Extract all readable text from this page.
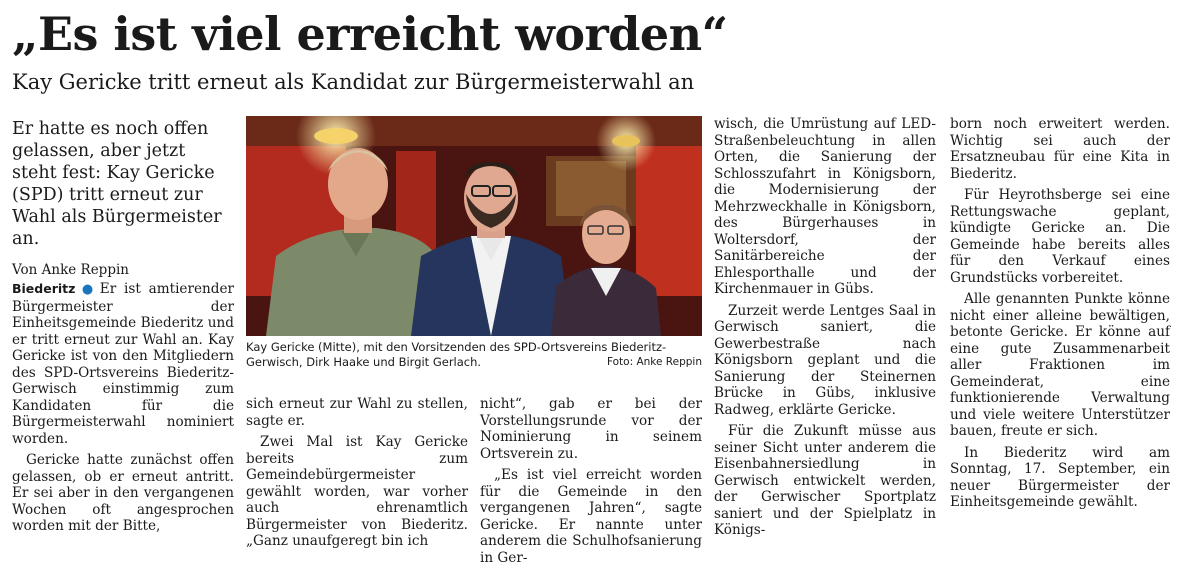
„Es ist viel erreicht worden“
Kay Gericke tritt erneut als Kandidat zur Bürgermeisterwahl an

Er hatte es noch offen gelassen, aber jetzt steht fest: Kay Gericke (SPD) tritt erneut zur Wahl als Bürgermeister an.

Von Anke Reppin

Biederitz ● Er ist amtierender Bürgermeister der Einheitsgemeinde Biederitz und er tritt erneut zur Wahl an. Kay Gericke ist von den Mitgliedern des SPD-Ortsvereins Biederitz-Gerwisch einstimmig zum Kandidaten für die Bürgermeisterwahl nominiert worden.

Gericke hatte zunächst offen gelassen, ob er erneut antritt. Er sei aber in den vergangenen Wochen oft angesprochen worden mit der Bitte,

Kay Gericke (Mitte), mit den Vorsitzenden des SPD-Ortsvereins Biederitz-Gerwisch, Dirk Haake und Birgit Gerlach.	Foto: Anke Reppin

sich erneut zur Wahl zu stellen, sagte er.

Zwei Mal ist Kay Gericke bereits zum Gemeindebürgermeister gewählt worden, war vorher auch ehrenamtlich Bürgermeister von Biederitz. „Ganz unaufgeregt bin ich

nicht“, gab er bei der Vorstellungsrunde vor der Nominierung in seinem Ortsverein zu.

„Es ist viel erreicht worden für die Gemeinde in den vergangenen Jahren“, sagte Gericke. Er nannte unter anderem die Schulhofsanierung in Ger-

wisch, die Umrüstung auf LED-Straßenbeleuchtung in allen Orten, die Sanierung der Schlosszufahrt in Königsborn, die Modernisierung der Mehrzweckhalle in Königsborn, des Bürgerhauses in Woltersdorf, der Sanitärbereiche der Ehlesporthalle und der Kirchenmauer in Gübs.

Zurzeit werde Lentges Saal in Gerwisch saniert, die Gewerbestraße nach Königsborn geplant und die Sanierung der Steinernen Brücke in Gübs, inklusive Radweg, erklärte Gericke.

Für die Zukunft müsse aus seiner Sicht unter anderem die Eisenbahnersiedlung in Gerwisch entwickelt werden, der Gerwischer Sportplatz saniert und der Spielplatz in Königs-

born noch erweitert werden. Wichtig sei auch der Ersatzneubau für eine Kita in Biederitz.

Für Heyrothsberge sei eine Rettungswache geplant, kündigte Gericke an. Die Gemeinde habe bereits alles für den Verkauf eines Grundstücks vorbereitet.

Alle genannten Punkte könne nicht einer alleine bewältigen, betonte Gericke. Er könne auf eine gute Zusammenarbeit aller Fraktionen im Gemeinderat, eine funktionierende Verwaltung und viele weitere Unterstützer bauen, freute er sich.

In Biederitz wird am Sonntag, 17. September, ein neuer Bürgermeister der Einheitsgemeinde gewählt.
